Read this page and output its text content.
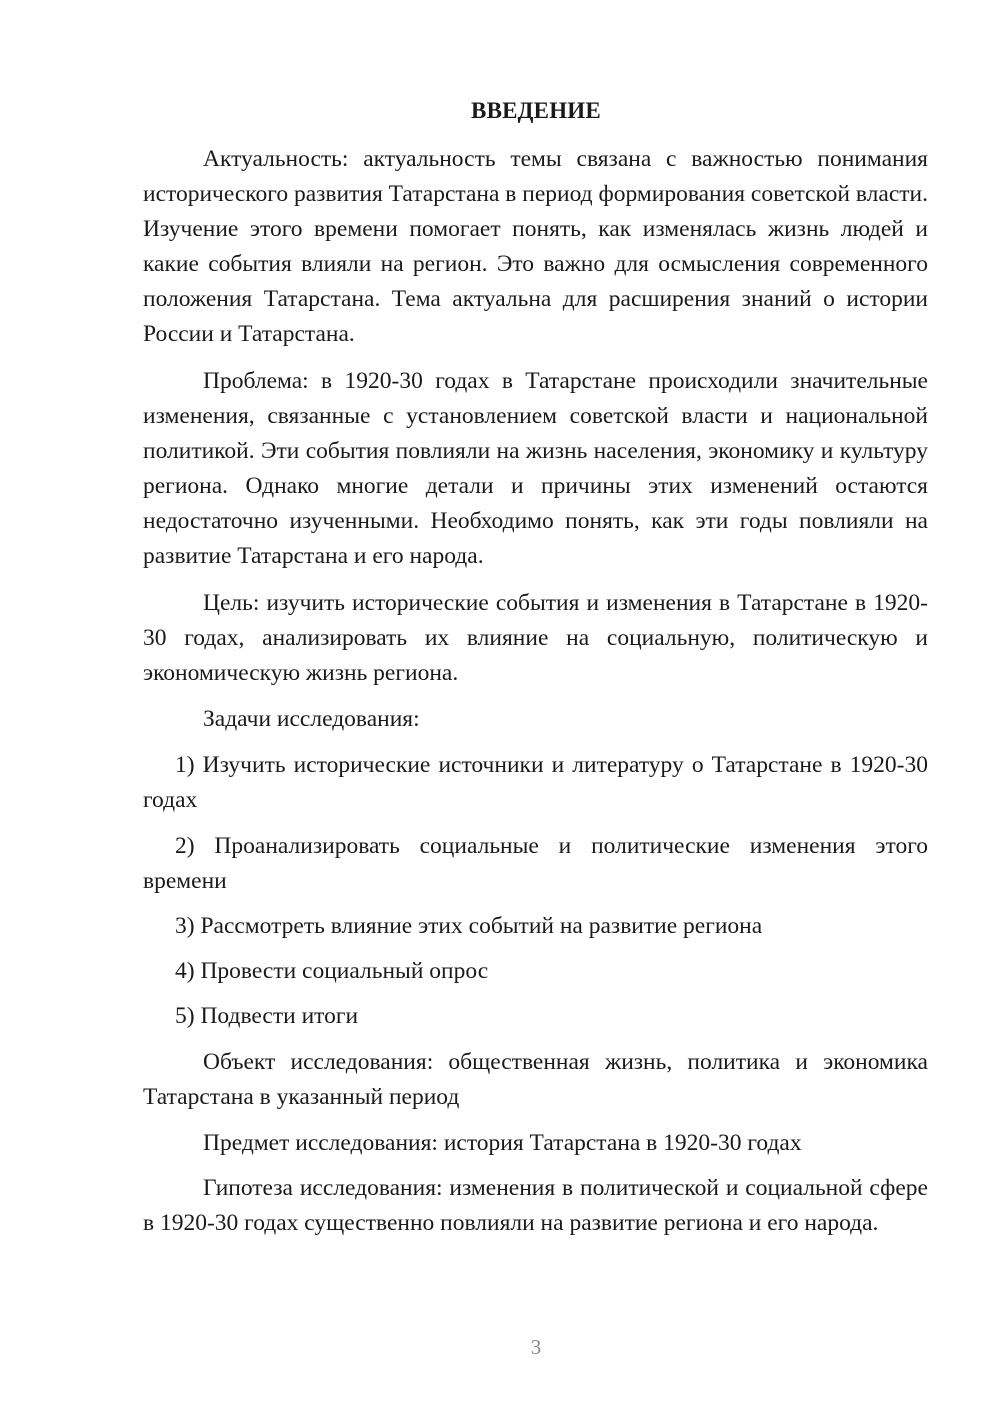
ВВЕДЕНИЕ

Актуальность: актуальность темы связана с важностью понимания исторического развития Татарстана в период формирования советской власти. Изучение этого времени помогает понять, как изменялась жизнь людей и какие события влияли на регион. Это важно для осмысления современного положения Татарстана. Тема актуальна для расширения знаний о истории России и Татарстана.

Проблема: в 1920-30 годах в Татарстане происходили значительные изменения, связанные с установлением советской власти и национальной политикой. Эти события повлияли на жизнь населения, экономику и культуру региона. Однако многие детали и причины этих изменений остаются недостаточно изученными. Необходимо понять, как эти годы повлияли на развитие Татарстана и его народа.

Цель: изучить исторические события и изменения в Татарстане в 1920-30 годах, анализировать их влияние на социальную, политическую и экономическую жизнь региона.

Задачи исследования:

1) Изучить исторические источники и литературу о Татарстане в 1920-30 годах

2) Проанализировать социальные и политические изменения этого времени

3) Рассмотреть влияние этих событий на развитие региона

4) Провести социальный опрос

5) Подвести итоги

Объект исследования: общественная жизнь, политика и экономика Татарстана в указанный период

Предмет исследования: история Татарстана в 1920-30 годах

Гипотеза исследования: изменения в политической и социальной сфере в 1920-30 годах существенно повлияли на развитие региона и его народа.

3
